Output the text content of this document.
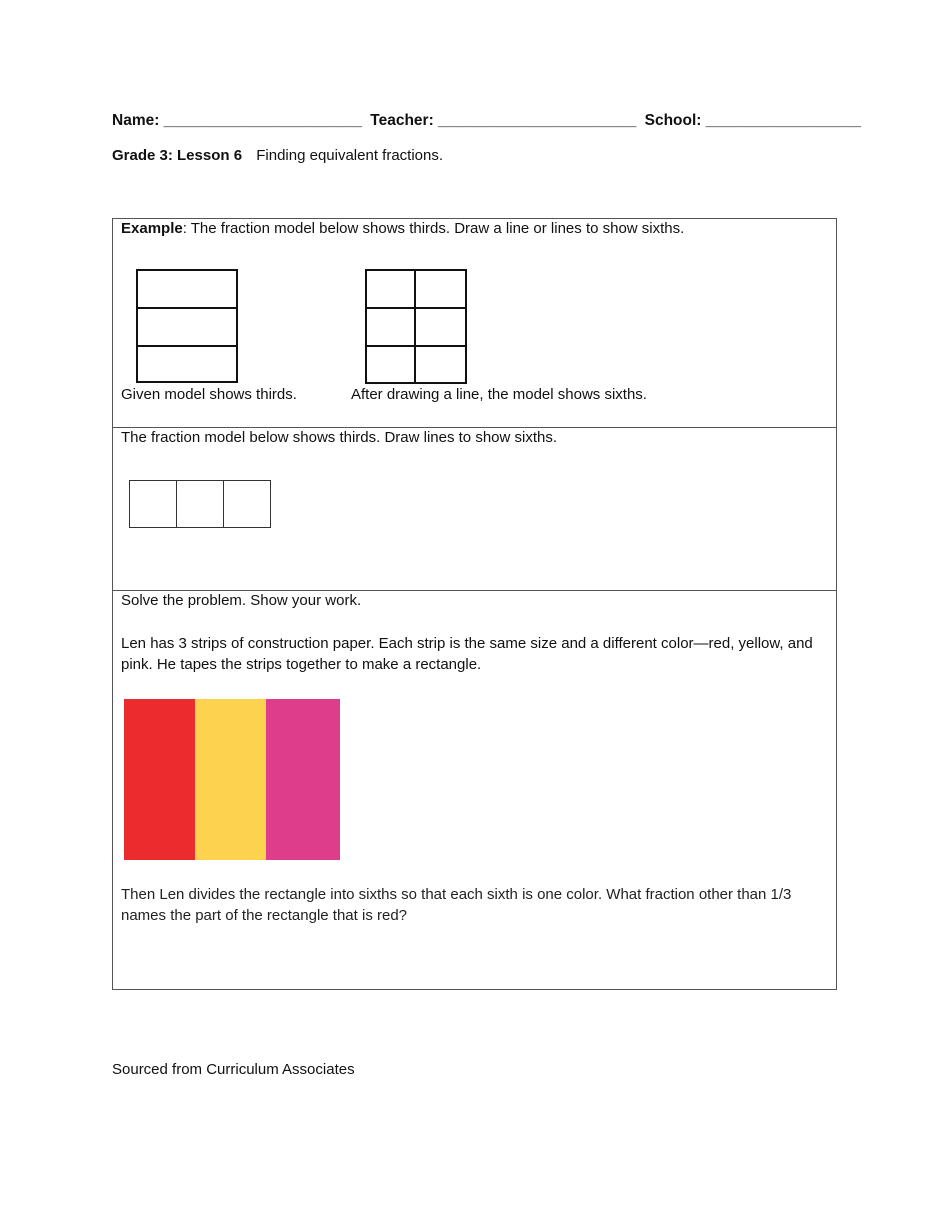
Name: _______________________ Teacher: _______________________ School: __________________
Grade 3: Lesson 6 Finding equivalent fractions.
Example: The fraction model below shows thirds. Draw a line or lines to show sixths.
Given model shows thirds.	After drawing a line, the model shows sixths.
The fraction model below shows thirds. Draw lines to show sixths.
Solve the problem. Show your work.
Len has 3 strips of construction paper. Each strip is the same size and a different color—red, yellow, and pink. He tapes the strips together to make a rectangle.
Then Len divides the rectangle into sixths so that each sixth is one color. What fraction other than 1/3 names the part of the rectangle that is red?
Sourced from Curriculum Associates
